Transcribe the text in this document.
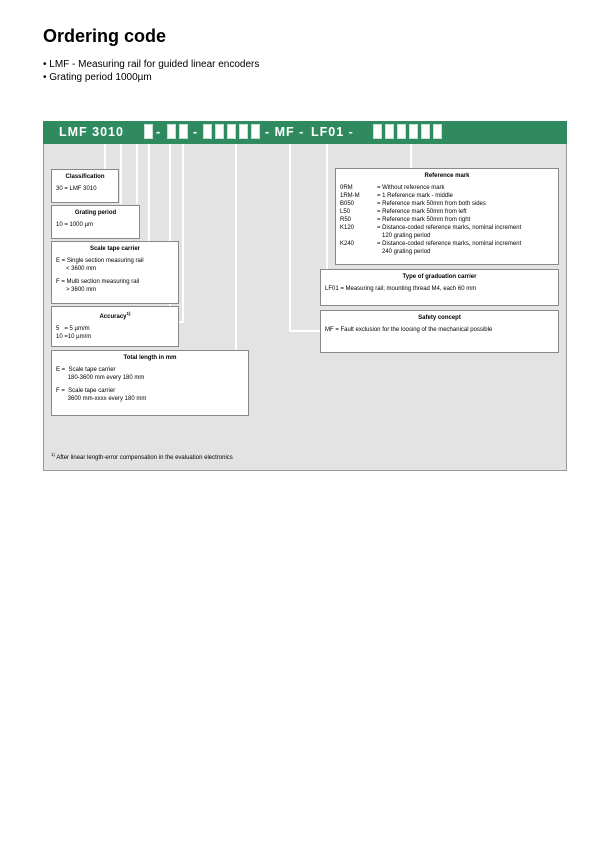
Ordering code
• LMF - Measuring rail for guided linear encoders
• Grating period 1000µm
LMF 3010	-	-	- MF - LF01 -
Classification
30 = LMF 3010
Grating period
10 = 1000 µm
Scale tape carrier
E = Single section measuring rail
< 3600 mm
F = Multi section measuring rail
> 3600 mm
Accuracy$^{1)}$
5   = 5 µm/m
10 =10 µm/m
Total length in mm
E =  Scale tape carrier
180-3600 mm every 180 mm
F =  Scale tape carrier
3600 mm-xxxx every 180 mm
Reference mark
0RM	= Without reference mark
1RM-M	= 1 Reference mark - middle
B050	= Reference mark 50mm from both sides
L50	= Reference mark 50mm from left
R50	= Reference mark 50mm from right
K120	= Distance-coded reference marks, nominal increment
120 grating period
K240	= Distance-coded reference marks, nominal increment
240 grating period
Type of graduation carrier
LF01 = Measuring rail; mounting thread M4, each 60 mm
Safety concept
MF = Fault exclusion for the loosing of the mechanical possible
$^{1)}$ After linear length-error compensation in the evaluation electronics
